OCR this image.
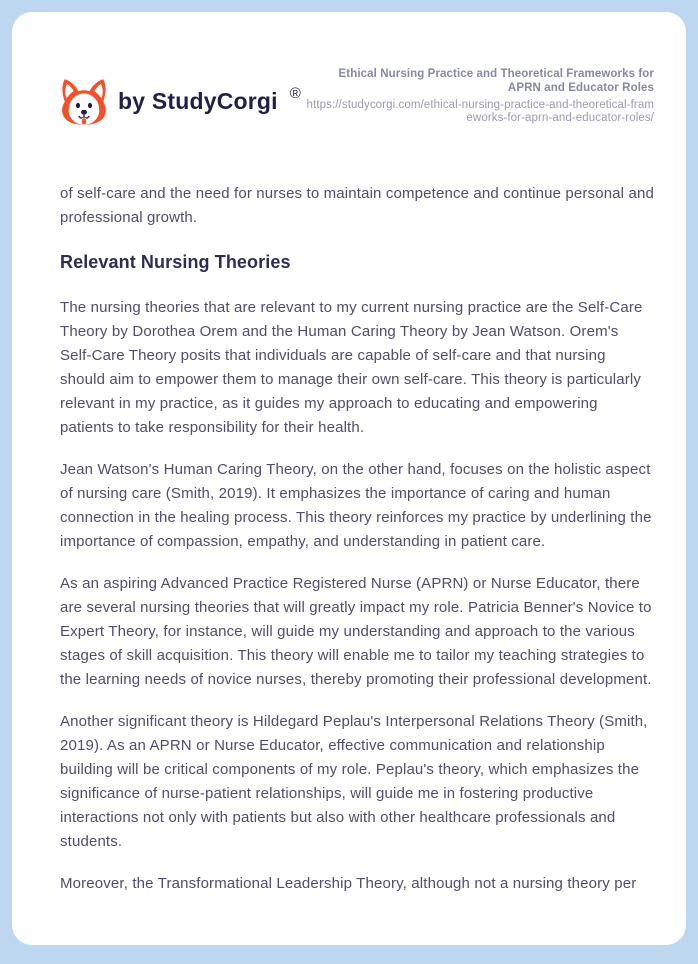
by StudyCorgi ®
Ethical Nursing Practice and Theoretical Frameworks for APRN and Educator Roles
https://studycorgi.com/ethical-nursing-practice-and-theoretical-frameworks-for-aprn-and-educator-roles/

of self-care and the need for nurses to maintain competence and continue personal and professional growth.

Relevant Nursing Theories

The nursing theories that are relevant to my current nursing practice are the Self-Care Theory by Dorothea Orem and the Human Caring Theory by Jean Watson. Orem's Self-Care Theory posits that individuals are capable of self-care and that nursing should aim to empower them to manage their own self-care. This theory is particularly relevant in my practice, as it guides my approach to educating and empowering patients to take responsibility for their health.

Jean Watson's Human Caring Theory, on the other hand, focuses on the holistic aspect of nursing care (Smith, 2019). It emphasizes the importance of caring and human connection in the healing process. This theory reinforces my practice by underlining the importance of compassion, empathy, and understanding in patient care.

As an aspiring Advanced Practice Registered Nurse (APRN) or Nurse Educator, there are several nursing theories that will greatly impact my role. Patricia Benner's Novice to Expert Theory, for instance, will guide my understanding and approach to the various stages of skill acquisition. This theory will enable me to tailor my teaching strategies to the learning needs of novice nurses, thereby promoting their professional development.

Another significant theory is Hildegard Peplau's Interpersonal Relations Theory (Smith, 2019). As an APRN or Nurse Educator, effective communication and relationship building will be critical components of my role. Peplau's theory, which emphasizes the significance of nurse-patient relationships, will guide me in fostering productive interactions not only with patients but also with other healthcare professionals and students.

Moreover, the Transformational Leadership Theory, although not a nursing theory per
